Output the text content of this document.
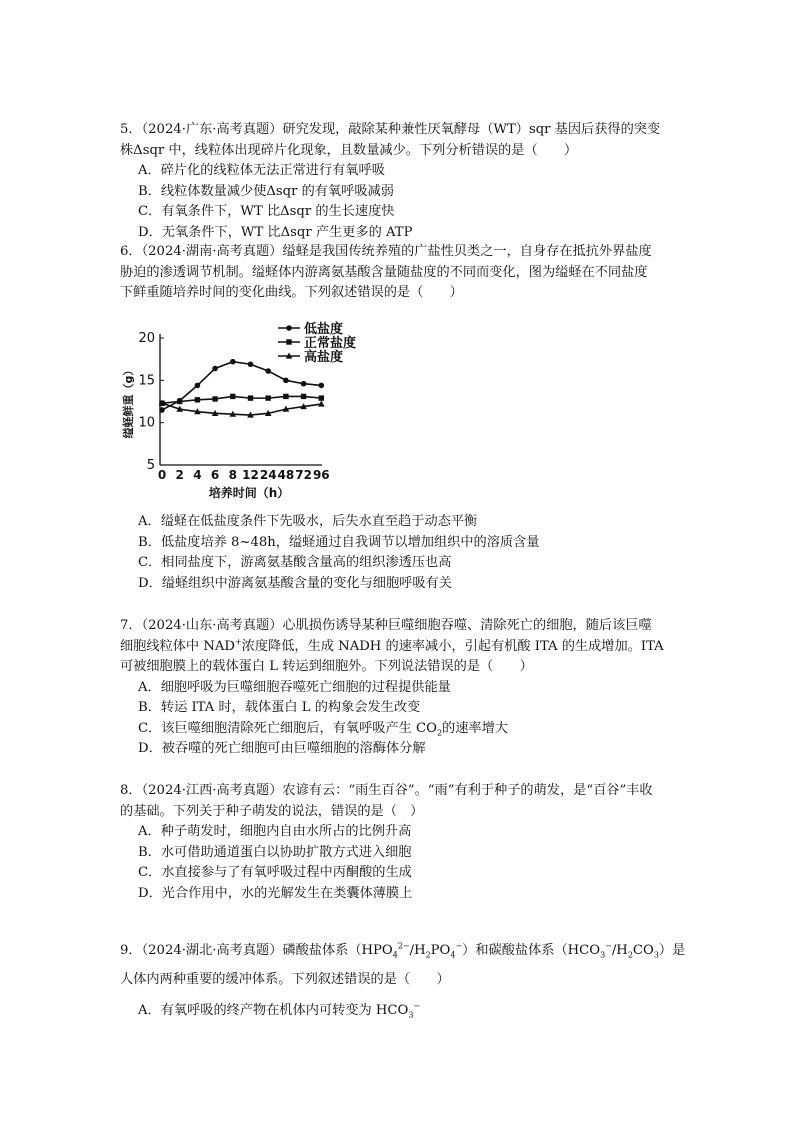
5．（2024·广东·高考真题）研究发现，敲除某种兼性厌氧酵母（WT）sqr 基因后获得的突变
株Δsqr 中，线粒体出现碎片化现象，且数量减少。下列分析错误的是（　　）
A．碎片化的线粒体无法正常进行有氧呼吸
B．线粒体数量减少使Δsqr 的有氧呼吸减弱
C．有氧条件下，WT 比Δsqr 的生长速度快
D．无氧条件下，WT 比Δsqr 产生更多的 ATP
6．（2024·湖南·高考真题）缢蛏是我国传统养殖的广盐性贝类之一，自身存在抵抗外界盐度
胁迫的渗透调节机制。缢蛏体内游离氨基酸含量随盐度的不同而变化，图为缢蛏在不同盐度
下鲜重随培养时间的变化曲线。下列叙述错误的是（　　）
5
10
15
20
0 2 4 6 8 12 24 48 72 96
培养时间（h）
缢蛏鲜重（g）
低盐度
正常盐度
高盐度
A．缢蛏在低盐度条件下先吸水，后失水直至趋于动态平衡
B．低盐度培养 8~48h，缢蛏通过自我调节以增加组织中的溶质含量
C．相同盐度下，游离氨基酸含量高的组织渗透压也高
D．缢蛏组织中游离氨基酸含量的变化与细胞呼吸有关
7．（2024·山东·高考真题）心肌损伤诱导某种巨噬细胞吞噬、清除死亡的细胞，随后该巨噬
细胞线粒体中 NAD+浓度降低，生成 NADH 的速率减小，引起有机酸 ITA 的生成增加。ITA
可被细胞膜上的载体蛋白 L 转运到细胞外。下列说法错误的是（　　）
A．细胞呼吸为巨噬细胞吞噬死亡细胞的过程提供能量
B．转运 ITA 时，载体蛋白 L 的构象会发生改变
C．该巨噬细胞清除死亡细胞后，有氧呼吸产生 $CO_2$的速率增大
D．被吞噬的死亡细胞可由巨噬细胞的溶酶体分解
8．（2024·江西·高考真题）农谚有云：“雨生百谷”。“雨”有利于种子的萌发，是“百谷”丰收
的基础。下列关于种子萌发的说法，错误的是（　）
A．种子萌发时，细胞内自由水所占的比例升高
B．水可借助通道蛋白以协助扩散方式进入细胞
C．水直接参与了有氧呼吸过程中丙酮酸的生成
D．光合作用中，水的光解发生在类囊体薄膜上
9．（2024·湖北·高考真题）磷酸盐体系$(HPO_4^{2-}/H_2PO_4^-)$和碳酸盐体系$(HCO_3^-/H_2CO_3)$是
人体内两种重要的缓冲体系。下列叙述错误的是（　　）
A．有氧呼吸的终产物在机体内可转变为 $HCO_3^-$
